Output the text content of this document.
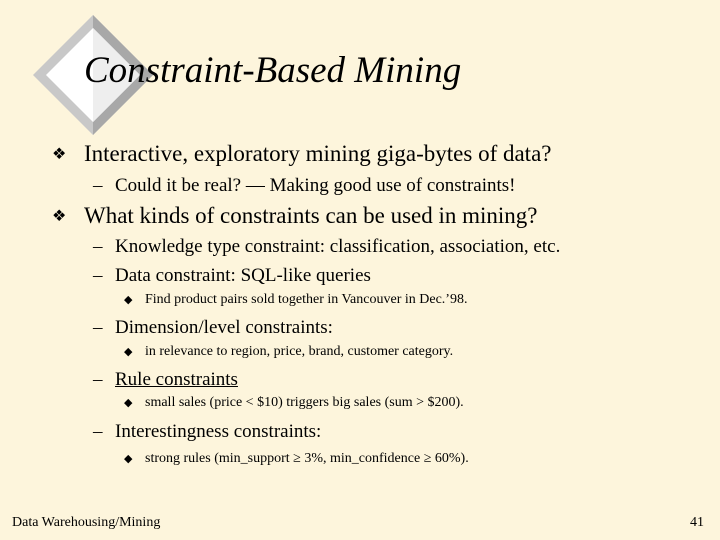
Constraint-Based Mining
❖ Interactive, exploratory mining giga-bytes of data?
– Could it be real? — Making good use of constraints!
❖ What kinds of constraints can be used in mining?
– Knowledge type constraint: classification, association, etc.
– Data constraint: SQL-like queries
◆ Find product pairs sold together in Vancouver in Dec.’98.
– Dimension/level constraints:
◆ in relevance to region, price, brand, customer category.
– Rule constraints
◆ small sales (price < $10) triggers big sales (sum > $200).
– Interestingness constraints:
◆ strong rules (min_support ≥ 3%, min_confidence ≥ 60%).
Data Warehousing/Mining	41
